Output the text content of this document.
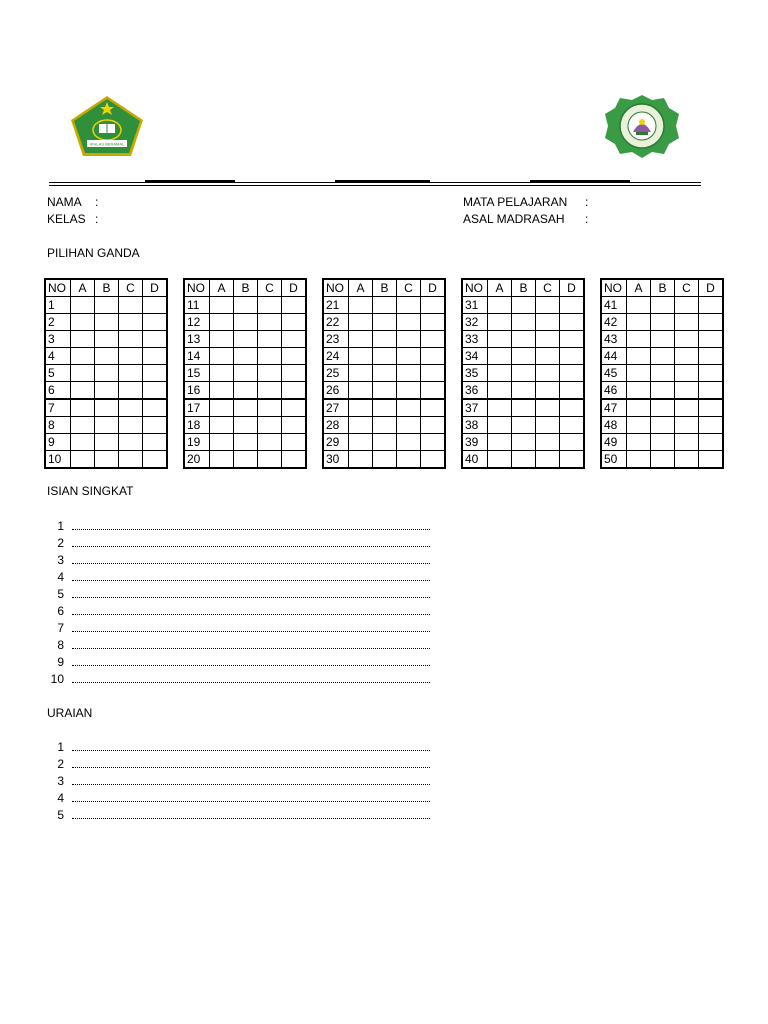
IKHLAS BERAMAL
NAMA :
KELAS :
MATA PELAJARAN :
ASAL MADRASAH :
PILIHAN GANDA
NO	A	B	C	D
1				
2				
3				
4				
5				
6				
7				
8				
9				
10				
NO	A	B	C	D
11				
12				
13				
14				
15				
16				
17				
18				
19				
20				
NO	A	B	C	D
21				
22				
23				
24				
25				
26				
27				
28				
29				
30				
NO	A	B	C	D
31				
32				
33				
34				
35				
36				
37				
38				
39				
40				
NO	A	B	C	D
41				
42				
43				
44				
45				
46				
47				
48				
49				
50				
ISIAN SINGKAT
1
2
3
4
5
6
7
8
9
10
URAIAN
1
2
3
4
5
